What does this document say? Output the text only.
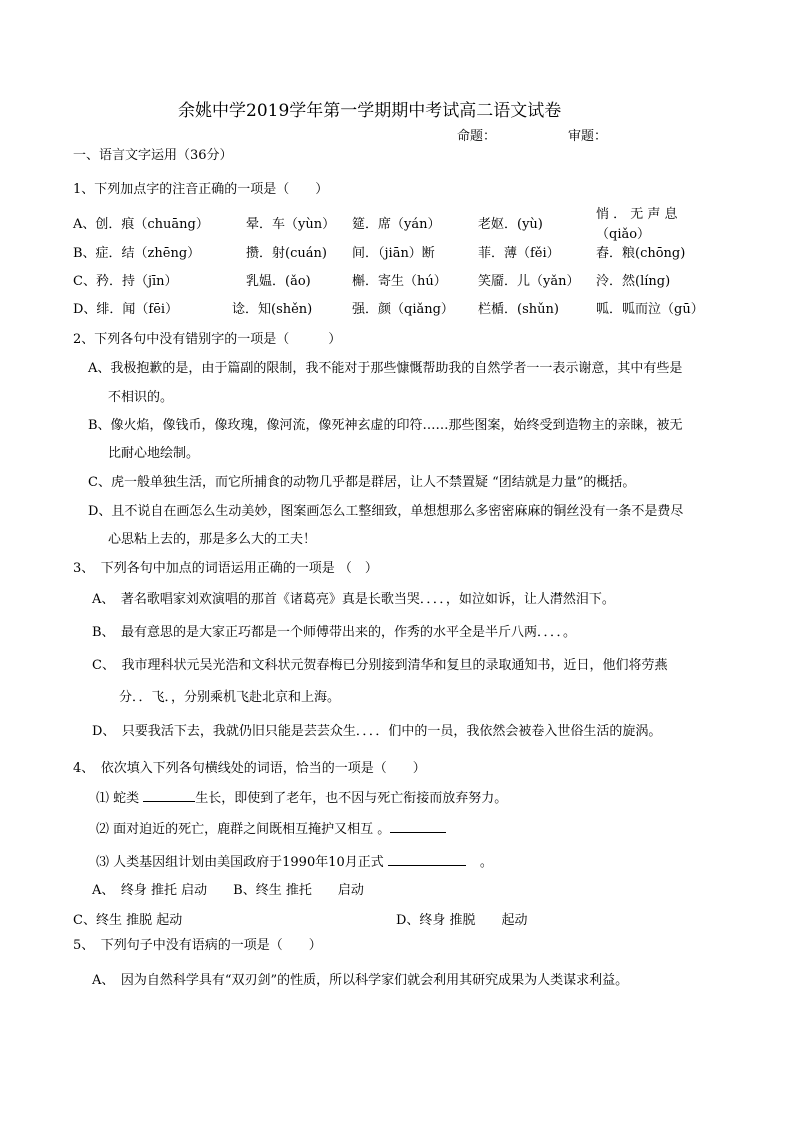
余姚中学2019学年第一学期期中考试高二语文试卷
命题：	审题：
一、语言文字运用（36分）
1、下列加点字的注音正确的一项是（　　）
A、创．痕（chuāng）	晕．车（yùn） 筵．席（yán）	老妪．(yù)
悄 ． 无 声 息
（qiǎo）
B、症．结（zhēng）	攒．射(cuán) 间．（jiān）断	菲．薄（fěi）	舂．粮(chōng)
C、矜．持（jīn）	乳媪．(ǎo)	槲．寄生（hú） 笑靥．儿（yǎn） 泠．然(líng)
D、绯．闻（fēi）	谂．知(shěn)	强．颜（qiǎng） 栏楯．(shǔn)	呱．呱而泣（gū）
2、下列各句中没有错别字的一项是（　　　）
A、我极抱歉的是，由于篇副的限制，我不能对于那些慷慨帮助我的自然学者一一表示谢意，其中有些是
不相识的。
B、像火焰，像钱币，像玫瑰，像河流，像死神玄虚的印符……那些图案，始终受到造物主的亲睐，被无
比耐心地绘制。
C、虎一般单独生活，而它所捕食的动物几乎都是群居，让人不禁置疑 “团结就是力量”的概括。
D、且不说自在画怎么生动美妙，图案画怎么工整细致，单想想那么多密密麻麻的铜丝没有一条不是费尽
心思粘上去的，那是多么大的工夫！
3、　下列各句中加点的词语运用正确的一项是 （　）
A、　著名歌唱家刘欢演唱的那首《诸葛亮》真是长歌当哭．．．．，如泣如诉，让人潸然泪下。
B、　最有意思的是大家正巧都是一个师傅带出来的，作秀的水平全是半斤八两．．．．。
C、　我市理科状元吴光浩和文科状元贺春梅已分别接到清华和复旦的录取通知书，近日，他们将劳燕
分．．飞．，分别乘机飞赴北京和上海。
D、　只要我活下去，我就仍旧只能是芸芸众生．．．．们中的一员，我依然会被卷入世俗生活的旋涡。
4、　依次填入下列各句横线处的词语，恰当的一项是（　　）
⑴ 蛇类	生长，即使到了老年，也不因与死亡衔接而放弃努力。
⑵ 面对迫近的死亡，鹿群之间既相互掩护又相互 。
⑶ 人类基因组计划由美国政府于1990年10月正式	。
A、　终身 推托 启动　　B、终生 推托　　启动
C、终生 推脱 起动	D、终身 推脱　　起动
5、　下列句子中没有语病的一项是（　　）
A、　因为自然科学具有“双刃剑”的性质，所以科学家们就会利用其研究成果为人类谋求利益。
